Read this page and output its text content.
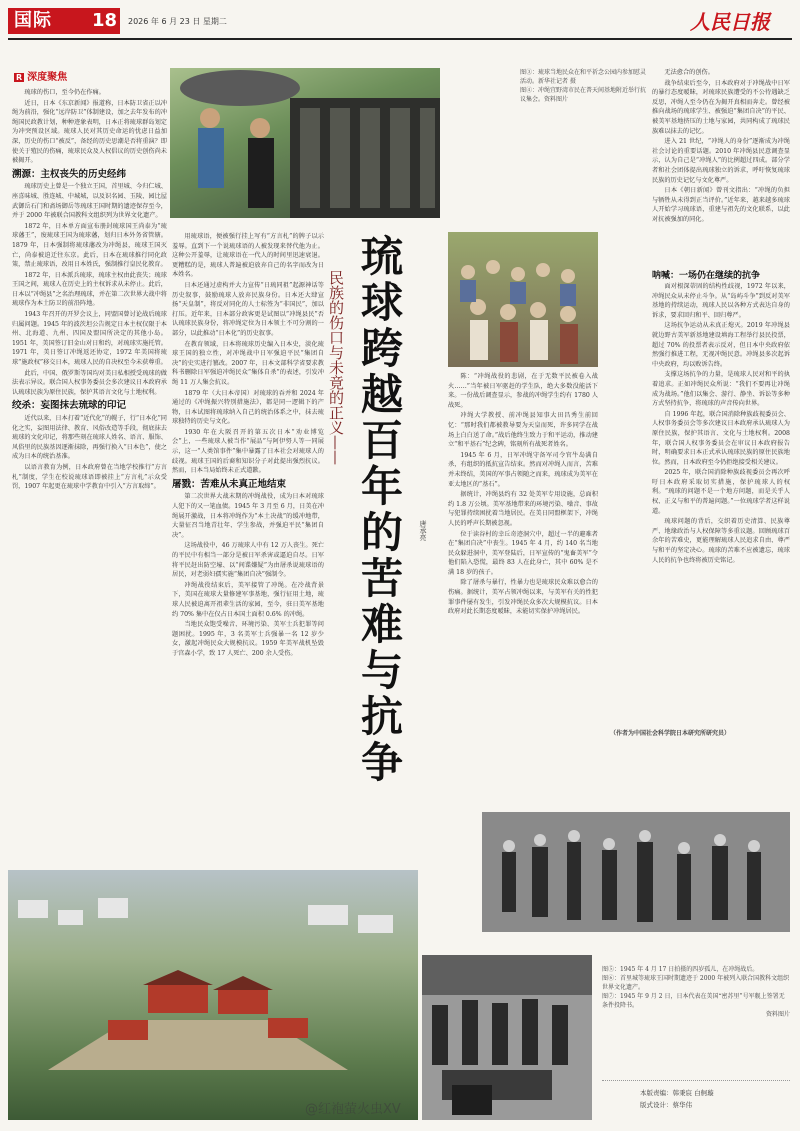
国际	18 2026 年 6 月 23 日 星期二	人民日报
R 深度聚焦

琉球的伤口，至今仍在作痛。

近日，日本《东京新闻》报道称，日本防卫省正以冲绳为前沿，强化“远岸防卫”体制建设，加之去年发布的冲绳国民政教计划，种种迹象表明，日本正将琉球群岛划定为冲突预设区域。琉球人民对其历史命运的忧虑日益加深，历史的伤口“被反”，备经的历史思潮是否将重演？即使关于殖民的伤痛，琉球民众及人权倡议的历史创伤尚未被揭开。

溯源：主权丧失的历史经纬

琉球历史上曾是一个独立王国，首里城、今归仁城、座喜味城、胜连城、中城城，以及识名园、玉陵、园比屋武御岳石门和斋场御岳等琉球王国时期的遗迹保存至今，并于 2000 年被联合国教科文组织列为世界文化遗产。

1872 年，日本单方面宣布册封琉球国王尚泰为“琉球藩王”，废琉球王国为琉球藩，划归日本外务省管辖。1879 年，日本强制将琉球藩改为冲绳县，琉球王国灭亡，尚泰被迫迁往东京。此后，日本在琉球推行同化政策，禁止琉球语，改用日本姓氏，强制推行皇民化教育。

1872 年，日本派兵琉球，琉球主权由此丧失；琉球王国之间，琉球人在历史上的主权诉求从未停止。此后，日本以“冲绳县”之名治理琉球，并在第二次世界大战中将琉球作为本土防卫的前沿阵地。

1943 年召开的开罗会议上，同盟国曾讨论战后琉球归属问题。1945 年的波茨坦公告规定日本主权仅限于本州、北海道、九州、四国及盟国所决定的其他小岛。1951 年，美国签订旧金山对日和约，对琉球实施托管。1971 年，美日签订冲绳返还协定，1972 年美国将琉球“施政权”移交日本，琉球人民的自决权至今未获尊重。

此后，中国、俄罗斯等国均对美日私相授受琉球的做法表示异议。联合国人权事务委员会多次建议日本政府承认琉球民族为原住民族，保护其语言文化与土地权利。

绞杀：妄图抹去琉球的印记

近代以来，日本打着“近代化”的幌子，行“日本化”同化之实，妄图用法律、教育、风俗改造等手段，彻底抹去琉球的文化印记，将那些刻在琉球人姓名、语言、服饰、风俗里的民族基因逐渐抹除，再强行换入“日本色”，使之成为日本的统治基准。

以语言教育为例，日本政府曾在当地学校推行“方言札”制度，学生在校说琉球语即被挂上“方言札”示众受罚，1907 年起更在琉球中学教育中引入“方言取缔”。

图③：琉球当地民众在和平祈念公园内参加慰灵活动。新华社记者 摄
图④：冲绳宜野湾市民在普天间基地附近举行抗议集会。资料图片

无法愈合的创伤。

战争结束后至今，日本政府对于冲绳战中日军的暴行态度暧昧，对琉球民族遭受的不公待遇缺乏反思，冲绳人至今仍在为揭开真相而奔走。曾经被推向战场的琉球学生、被强迫“集团自决”的平民、被美军基地挤压的土地与家园，共同构成了琉球民族难以抹去的记忆。

进入 21 世纪，“冲绳人的身份”逐渐成为冲绳社会讨论的重要话题。2010 年冲绳县民意调查显示，认为自己是“冲绳人”的比例超过四成。部分学者和社会团体提出琉球独立的诉求，呼吁恢复琉球民族的历史记忆与文化尊严。

日本《朝日新闻》曾刊文指出：“冲绳的负担与牺牲从未得到正当评价。”近年来，越来越多琉球人开始学习琉球语，重建与祖先的文化联系，以此对抗被强加的同化。

呐喊：一场仍在继续的抗争

面对根深蒂固的结构性歧视，1972 年以来，冲绳民众从未停止斗争。从“岛屿斗争”到反对美军基地的持续运动，琉球人民以各种方式表达自身的诉求，要求回归和平、回归尊严。

这场抗争运动从未真正熄灭。2019 年冲绳县就边野古美军新基地建设填海工程举行县民投票，超过 70% 的投票者表示反对，但日本中央政府依然强行推进工程，无视冲绳民意。冲绳县多次起诉中央政府，均以败诉告终。

支撑这场抗争的力量，是琉球人民对和平的执着追求。正如冲绳民众所说：“我们不要再让冲绳成为战场。”他们以集会、游行、静坐、诉讼等多种方式坚持抗争，将琉球的声音传向世界。

自 1996 年起，联合国消除种族歧视委员会、人权事务委员会等多次建议日本政府承认琉球人为原住民族，保护其语言、文化与土地权利。2008 年，联合国人权事务委员会在审议日本政府报告时，明确要求日本正式承认琉球民族的原住民族地位。然而，日本政府至今仍拒绝接受相关建议。

2025 年，联合国消除种族歧视委员会再次呼吁日本政府采取切实措施，保护琉球人的权利。“琉球的问题不是一个地方问题，而是关乎人权、正义与和平的普遍问题。”一位琉球学者这样说道。

琉球问题的背后，交织着历史清算、民族尊严、地缘政治与人权保障等多重议题。回顾琉球百余年的苦难史，更能理解琉球人民追求自由、尊严与和平的坚定决心。琉球的苦难不应被遗忘，琉球人民的抗争也终将被历史铭记。

（作者为中国社会科学院日本研究所研究员）
琉球跨越百年的苦难与抗争
民族的伤口与未竟的正义——
唐承亮

用琉球语，便被强行挂上写有“方言札”的牌子以示羞辱。直到下一个说琉球语的人被发现来替代他为止。这种公开羞辱，让琉球语在一代人的时间里迅速衰退。更糟糕的是，琉球人普遍被迫放弃自己的名字而改为日本姓名。

日本还通过虚构并大力宣传“日琉同祖”起源神话等历史叙事，鼓励琉球人放弃民族身份。日本还大肆宣扬“天皇制”，将反对同化的人士标签为“非国民”，加以打压。近年来，日本部分政客更是试图以“冲绳县民”否认琉球民族身份，将冲绳定位为日本领土不可分割的一部分，以此推动“日本化”的历史叙事。

在教育领域，日本将琉球历史编入日本史，淡化琉球王国的独立性，对冲绳战中日军强迫平民“集团自决”的史实进行篡改。2007 年，日本文部科学省要求教科书删除日军强迫冲绳民众“集体自杀”的表述，引发冲绳 11 万人集会抗议。

1879 年（大日本帝国）对琉球的吞并和 2024 年通过的《冲绳振兴特别措施法》，都是同一逻辑下的产物，日本试图将琉球纳入自己的统治体系之中，抹去琉球独特的历史与文化。

1930 年在大阪召开的第五次日本“劝业博览会”上，一些琉球人被当作“展品”与阿伊努人等一同展示，这一“人类馆事件”集中暴露了日本社会对琉球人的歧视。琉球王国的后裔和知识分子对此提出强烈抗议。然而，日本当局始终未正式道歉。

屠戮：苦难从未真正地结束

第二次世界大战末期的冲绳战役，成为日本对琉球人犯下的又一笔血债。1945 年 3 月至 6 月，日美在冲绳展开激战，日本将冲绳作为“本土决战”的缓冲地带，大量征召当地青壮年、学生参战，并强迫平民“集团自决”。

这场战役中，46 万琉球人中有 12 万人丧生。死亡的平民中有相当一部分是被日军杀害或逼迫自尽。日军将平民赶出防空壕、以“间谍嫌疑”为由屠杀说琉球语的居民，对老弱妇孺实施“集团自决”强制令。

冲绳战役结束后，美军接管了冲绳。在冷战背景下，美国在琉球大量修建军事基地，强行征用土地，琉球人民被迫离开祖辈生活的家园，至今，驻日美军基地约 70% 集中在仅占日本国土面积 0.6% 的冲绳。

当地民众饱受噪音、环境污染、美军士兵犯罪等问题困扰。1995 年，3 名美军士兵强暴一名 12 岁少女，激起冲绳民众大规模抗议。1959 年美军战机坠毁于宫森小学，致 17 人死亡、200 余人受伤。

陈：“冲绳战役的悲剧，在于无数平民被卷入战火……”当年被日军驱赶的学生队，绝大多数没能活下来。一份战后调查显示，参战的冲绳学生约有 1780 人战死。

冲绳大学教授、前冲绳县知事大田昌秀生前回忆：“那时我们都被教导要为天皇而死，许多同学在战场上白白送了命。”战后他终生致力于和平运动，推动建立“和平基石”纪念碑，铭刻所有战死者姓名。

1945 年 6 月，日军冲绳守备军司令官牛岛满自杀，有组织的抵抗宣告结束。然而对冲绳人而言，苦难并未终结，美国的军事占领随之而来，琉球成为美军在亚太地区的“基石”。

据统计，冲绳县约有 32 处美军专用设施，总面积约 1.8 万公顷。美军基地带来的环境污染、噪音、事故与犯罪持续困扰着当地居民。在美日同盟框架下，冲绳人民的呼声长期被忽视。

位于读谷村的幸丘奇迹洞穴中，超过一半的避难者在“集团自决”中丧生。1945 年 4 月，约 140 名当地民众躲进洞中，美军登陆后，日军宣传的“鬼畜美军”令他们陷入恐慌，最终 83 人在此身亡，其中 60% 是不满 18 岁的孩子。

除了屠杀与暴行，性暴力也是琉球民众难以愈合的伤痛。据统计，美军占领冲绳以来，与美军有关的性犯罪事件屡有发生，引发冲绳民众多次大规模抗议。日本政府对此长期态度暧昧，未能切实保护冲绳居民。

图⑤：1945 年 4 月 17 日拍摄的四岁孤儿，在冲绳战后。
图⑥：首里城等琉球王国时期遗迹于 2000 年被列入联合国教科文组织世界文化遗产。
图⑦：1945 年 9 月 2 日，日本代表在美国“密苏里”号军舰上签署无条件投降书。
资料图片
本版责编：韩秉宸 白舸璇
版式设计：蔡华伟
@红袍萤火虫XV
